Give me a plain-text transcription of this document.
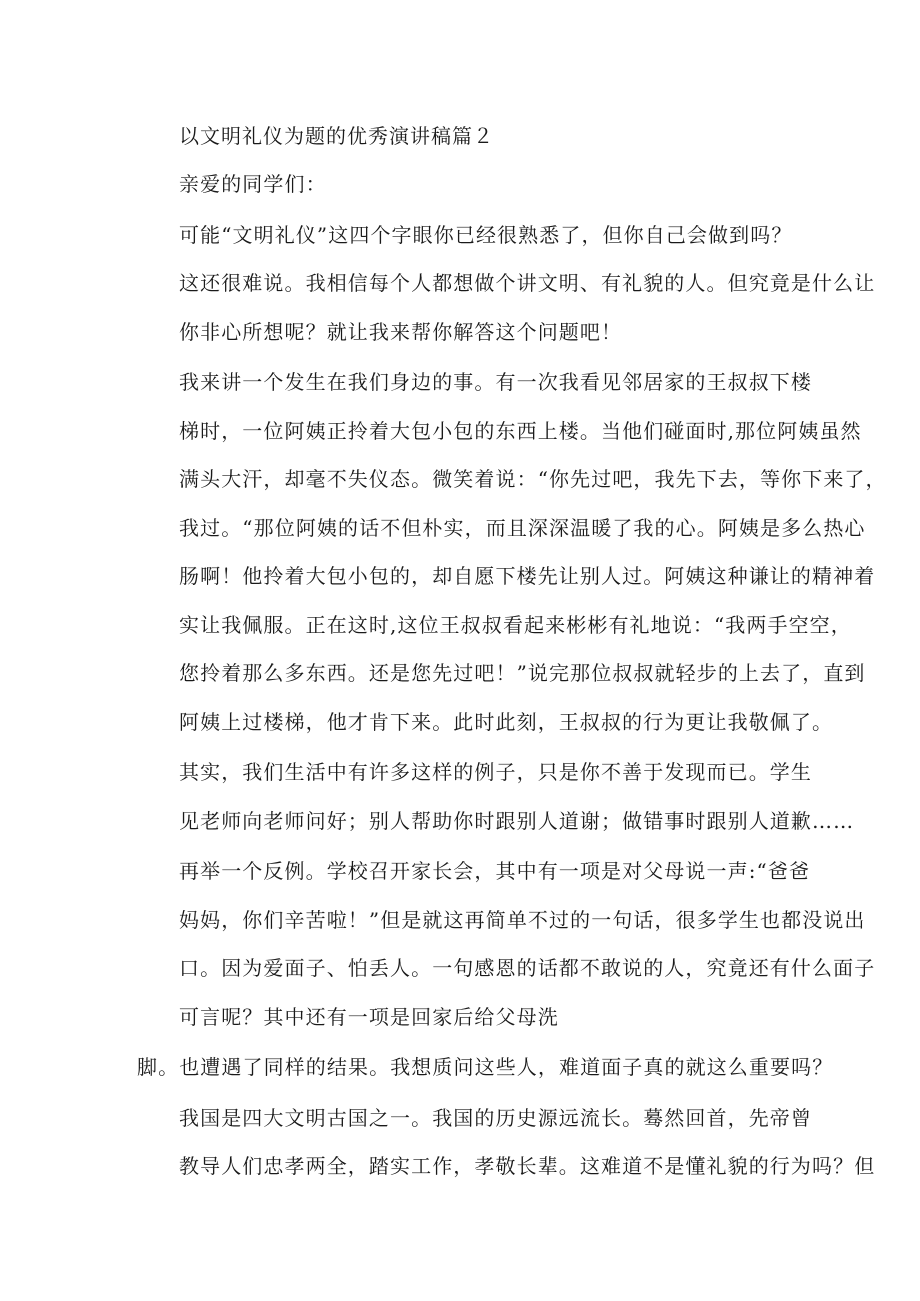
以文明礼仪为题的优秀演讲稿篇２

亲爱的同学们：

可能“文明礼仪”这四个字眼你已经很熟悉了，但你自己会做到吗？
这还很难说。我相信每个人都想做个讲文明、有礼貌的人。但究竟是什么让
你非心所想呢？就让我来帮你解答这个问题吧！

我来讲一个发生在我们身边的事。有一次我看见邻居家的王叔叔下楼
梯时，一位阿姨正拎着大包小包的东西上楼。当他们碰面时,那位阿姨虽然
满头大汗，却毫不失仪态。微笑着说：“你先过吧，我先下去，等你下来了，
我过。“那位阿姨的话不但朴实，而且深深温暖了我的心。阿姨是多么热心
肠啊！他拎着大包小包的，却自愿下楼先让别人过。阿姨这种谦让的精神着
实让我佩服。正在这时,这位王叔叔看起来彬彬有礼地说：“我两手空空，
您拎着那么多东西。还是您先过吧！”说完那位叔叔就轻步的上去了，直到
阿姨上过楼梯，他才肯下来。此时此刻，王叔叔的行为更让我敬佩了。

其实，我们生活中有许多这样的例子，只是你不善于发现而已。学生
见老师向老师问好；别人帮助你时跟别人道谢；做错事时跟别人道歉……

再举一个反例。学校召开家长会，其中有一项是对父母说一声:“爸爸
妈妈，你们辛苦啦！”但是就这再简单不过的一句话，很多学生也都没说出
口。因为爱面子、怕丢人。一句感恩的话都不敢说的人，究竟还有什么面子
可言呢？其中还有一项是回家后给父母洗

脚。也遭遇了同样的结果。我想质问这些人，难道面子真的就这么重要吗？

我国是四大文明古国之一。我国的历史源远流长。蓦然回首，先帝曾
教导人们忠孝两全，踏实工作，孝敬长辈。这难道不是懂礼貌的行为吗？但
